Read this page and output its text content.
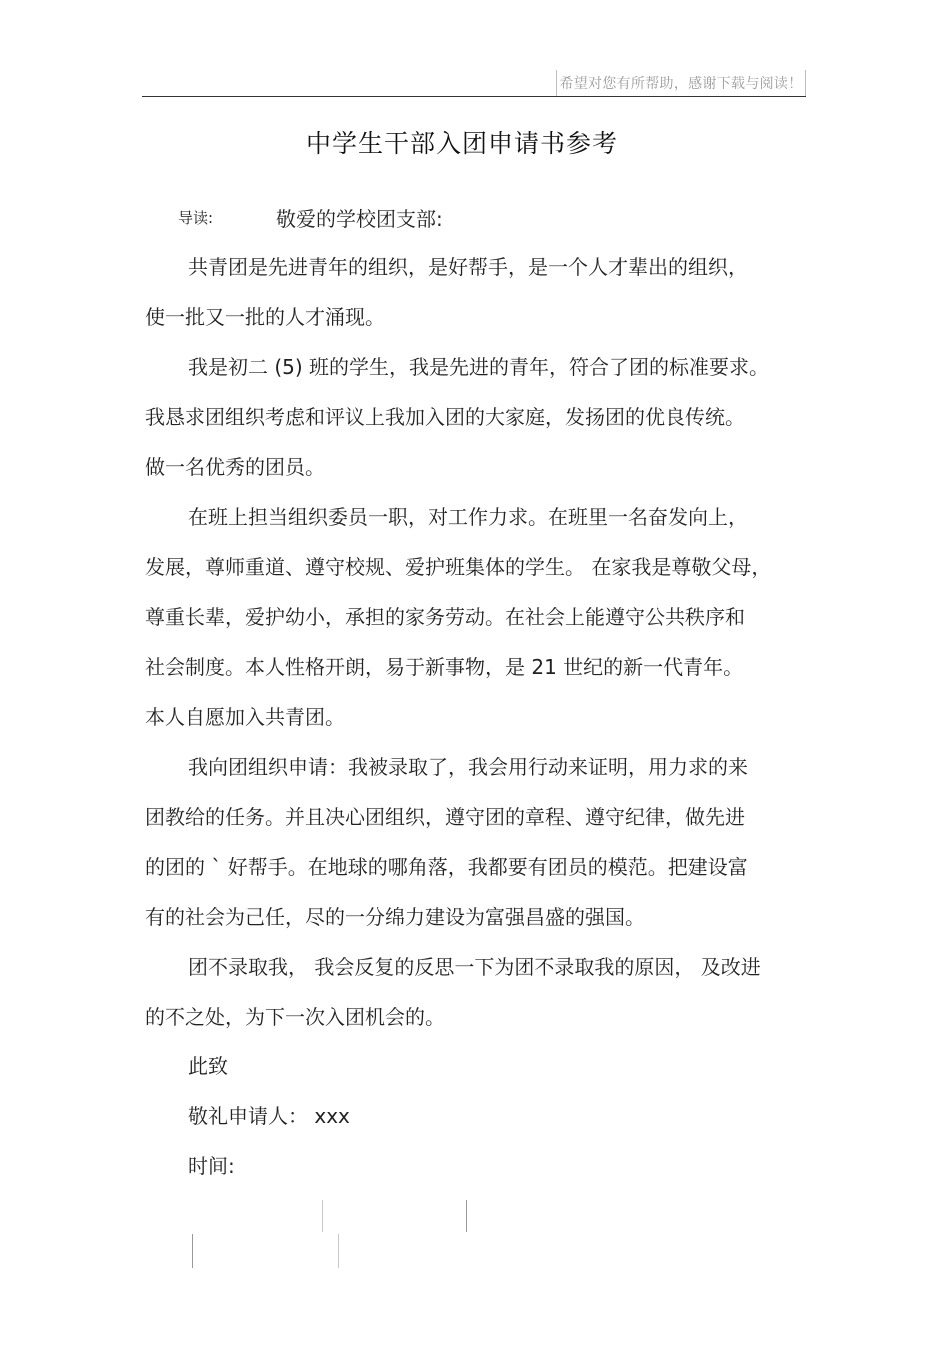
希望对您有所帮助，感谢下载与阅读！
中学生干部入团申请书参考
导读:	敬爱的学校团支部:
共青团是先进青年的组织，是好帮手，是一个人才辈出的组织，
使一批又一批的人才涌现。
我是初二 (5) 班的学生，我是先进的青年，符合了团的标准要求。
我恳求团组织考虑和评议上我加入团的大家庭，发扬团的优良传统。
做一名优秀的团员。
在班上担当组织委员一职，对工作力求。在班里一名奋发向上，
发展，尊师重道、遵守校规、爱护班集体的学生。 在家我是尊敬父母，
尊重长辈，爱护幼小，承担的家务劳动。在社会上能遵守公共秩序和
社会制度。本人性格开朗，易于新事物，是 21 世纪的新一代青年。
本人自愿加入共青团。
我向团组织申请：我被录取了，我会用行动来证明，用力求的来
团教给的任务。并且决心团组织，遵守团的章程、遵守纪律，做先进
的团的 ` 好帮手。在地球的哪角落，我都要有团员的模范。把建设富
有的社会为己任，尽的一分绵力建设为富强昌盛的强国。
团不录取我， 我会反复的反思一下为团不录取我的原因， 及改进
的不之处，为下一次入团机会的。
此致
敬礼申请人： xxx
时间:
